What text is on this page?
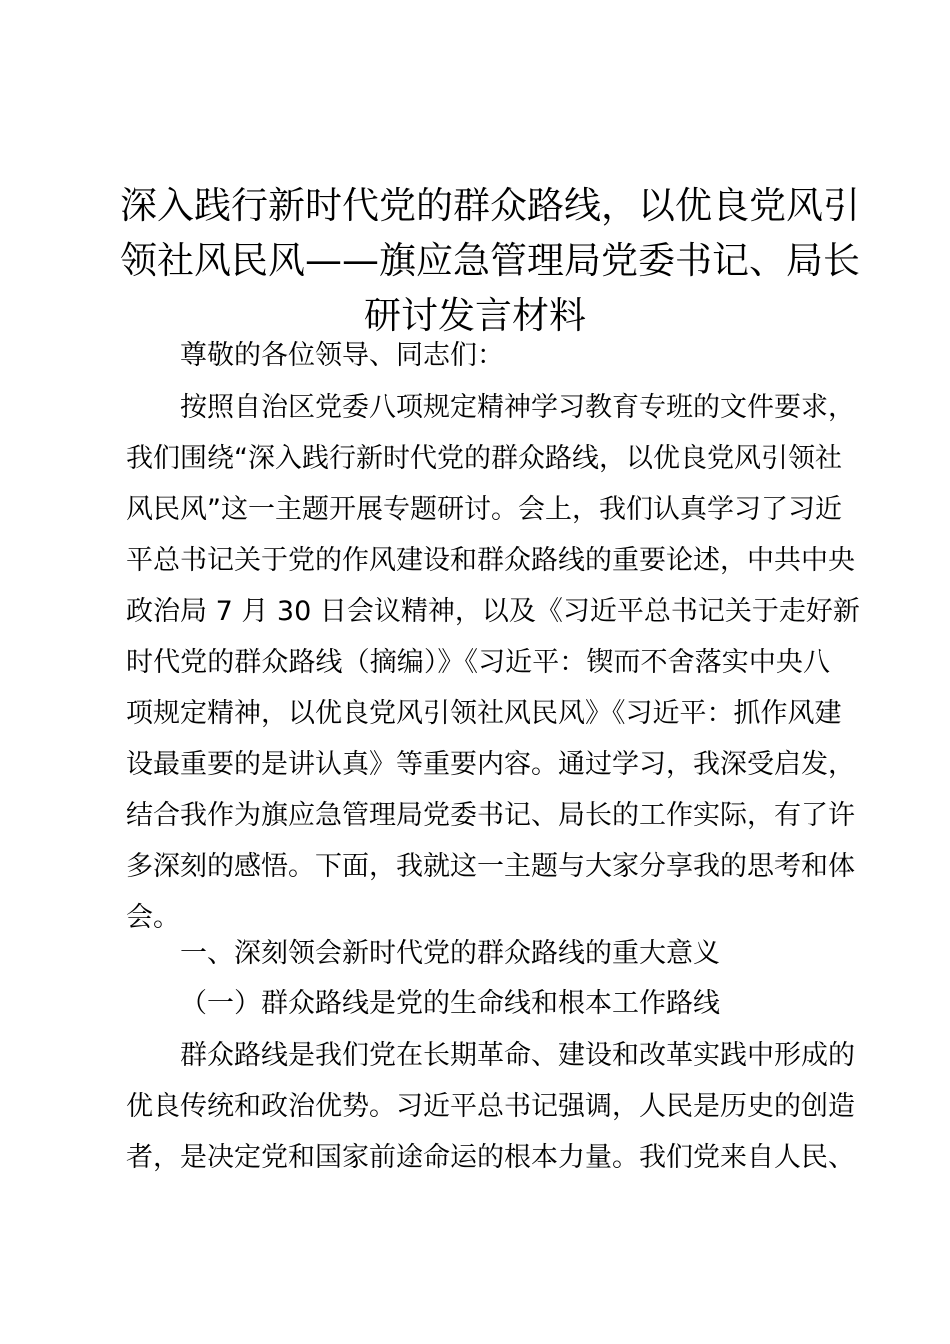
深入践行新时代党的群众路线，以优良党风引
领社风民风——旗应急管理局党委书记、局长
研讨发言材料
尊敬的各位领导、同志们：
按照自治区党委八项规定精神学习教育专班的文件要求，
我们围绕“深入践行新时代党的群众路线，以优良党风引领社
风民风”这一主题开展专题研讨。会上，我们认真学习了习近
平总书记关于党的作风建设和群众路线的重要论述，中共中央
政治局 7 月 30 日会议精神，以及《习近平总书记关于走好新
时代党的群众路线（摘编）》《习近平：锲而不舍落实中央八
项规定精神，以优良党风引领社风民风》《习近平：抓作风建
设最重要的是讲认真》等重要内容。通过学习，我深受启发，
结合我作为旗应急管理局党委书记、局长的工作实际，有了许
多深刻的感悟。下面，我就这一主题与大家分享我的思考和体
会。
一、深刻领会新时代党的群众路线的重大意义
（一）群众路线是党的生命线和根本工作路线
群众路线是我们党在长期革命、建设和改革实践中形成的
优良传统和政治优势。习近平总书记强调，人民是历史的创造
者，是决定党和国家前途命运的根本力量。我们党来自人民、
